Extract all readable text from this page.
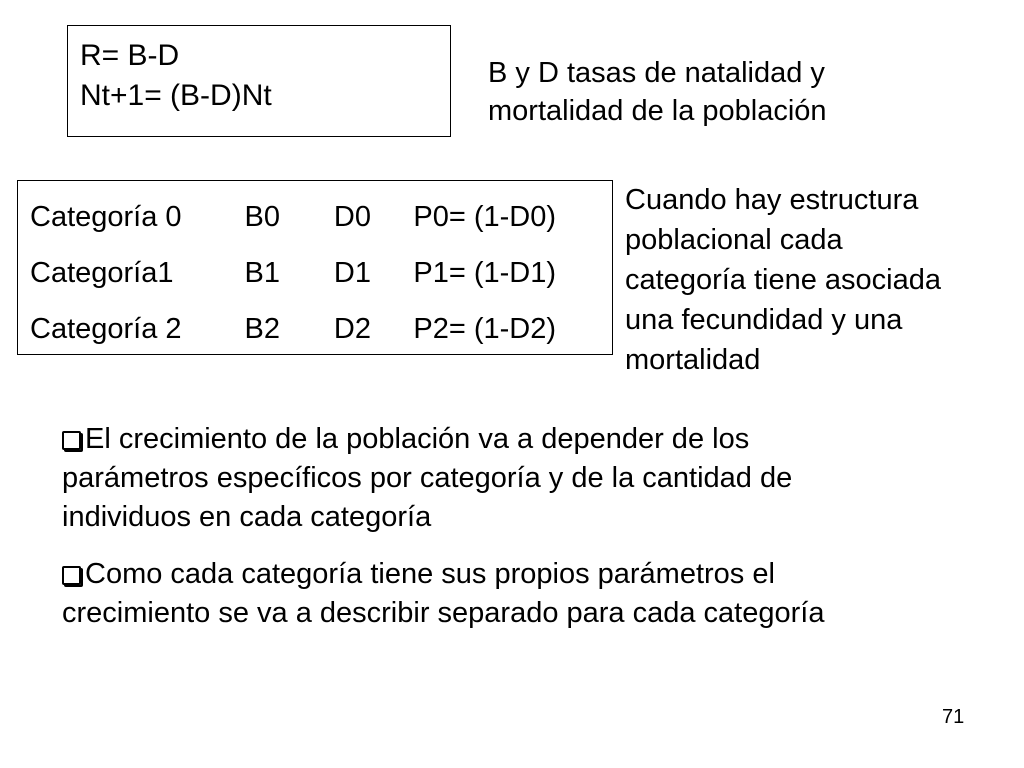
R= B-D
Nt+1= (B-D)Nt
B y D tasas de natalidad y
mortalidad de la población
Categoría 0	B0	D0	P0= (1-D0)
Categoría1	B1	D1	P1= (1-D1)
Categoría 2	B2	D2	P2= (1-D2)
Cuando hay estructura
poblacional cada
categoría tiene asociada
una fecundidad y una
mortalidad
El crecimiento de la población va a depender de los
parámetros específicos por categoría y de la cantidad de
individuos en cada categoría
Como cada categoría tiene sus propios parámetros el
crecimiento se va a describir separado para cada categoría
71
